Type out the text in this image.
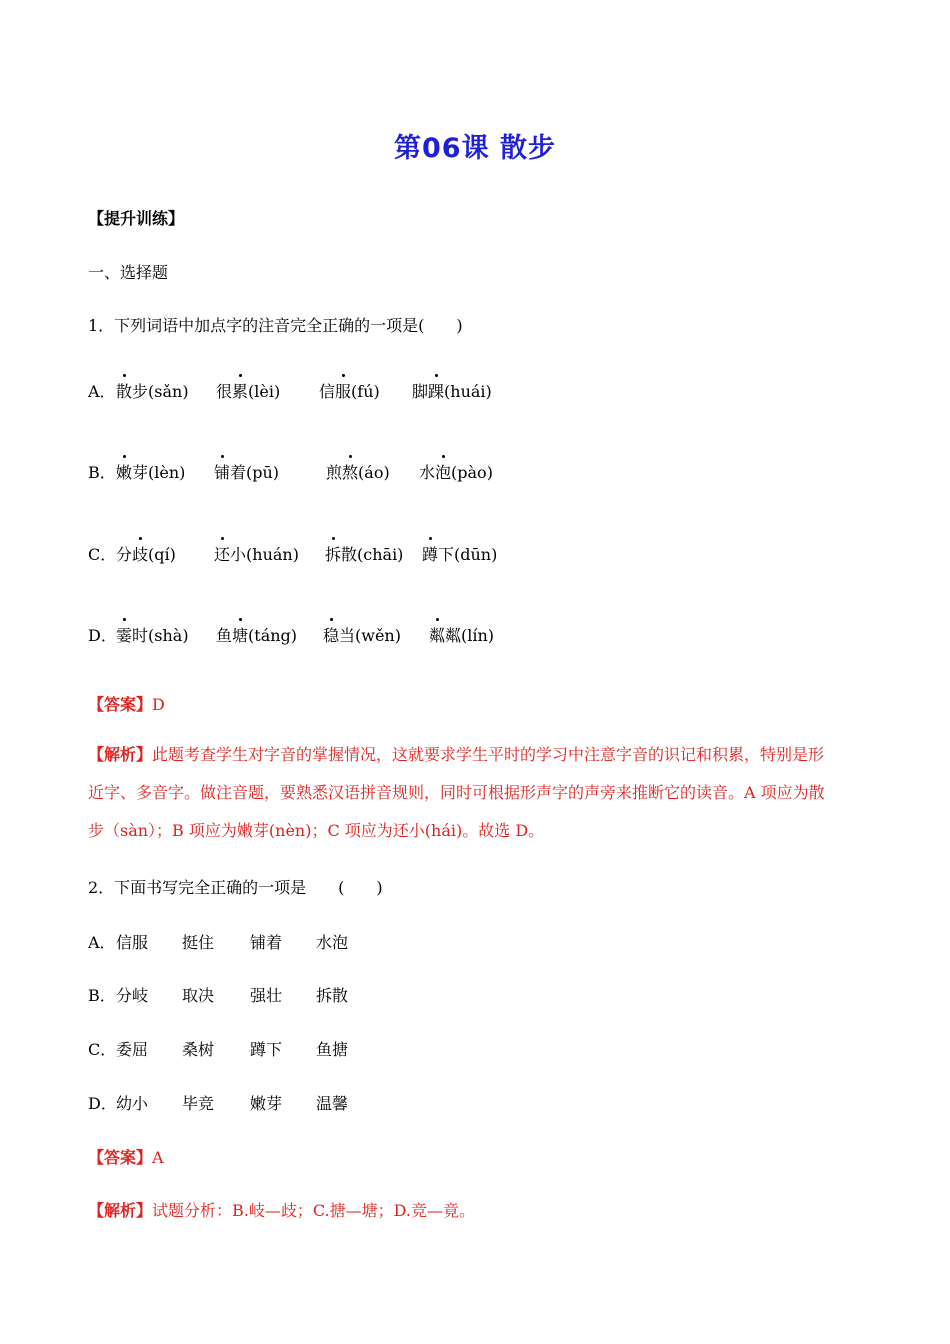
第06课 散步
【提升训练】
一、选择题
1．下列词语中加点字的注音完全正确的一项是(　　)
A． 散步(sǎn) 很累(lèi) 信服(fú) 脚踝(huái)
B． 嫩芽(lèn) 铺着(pū)	煎熬(áo) 水泡(pào)
C． 分歧(qí) 还小(huán) 拆散(chāi) 蹲下(dūn)
D． 霎时(shà) 鱼塘(táng) 稳当(wěn) 粼粼(lín)
【答案】D
【解析】此题考查学生对字音的掌握情况，这就要求学生平时的学习中注意字音的识记和积累，特别是形
近字、多音字。做注音题，要熟悉汉语拼音规则，同时可根据形声字的声旁来推断它的读音。A 项应为散
步（sàn）；B 项应为嫩芽(nèn)；C 项应为还小(hái)。故选 D。
2．下面书写完全正确的一项是　　(　　)
A． 信服 挺住 铺着 水泡
B． 分岐 取决 强壮 拆散
C． 委屈 桑树 蹲下 鱼搪
D． 幼小 毕竞 嫩芽 温馨
【答案】A
【解析】试题分析：B.岐—歧；C.搪—塘；D.竞—竟。
